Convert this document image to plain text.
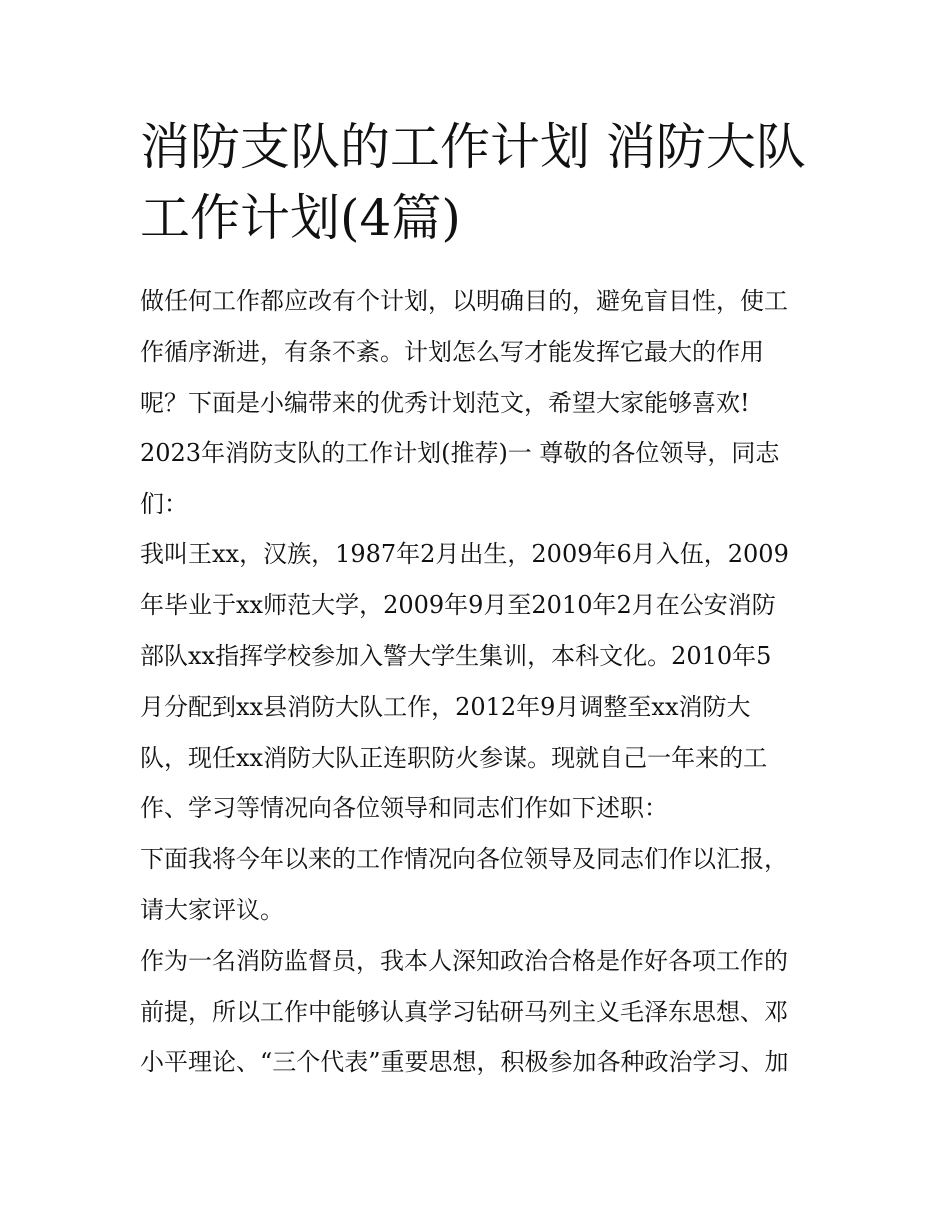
消防支队的工作计划 消防大队
工作计划(4篇)

做任何工作都应改有个计划，以明确目的，避免盲目性，使工

作循序渐进，有条不紊。计划怎么写才能发挥它最大的作用

呢？下面是小编带来的优秀计划范文，希望大家能够喜欢!

2023年消防支队的工作计划(推荐)一 尊敬的各位领导，同志

们：

我叫王xx，汉族，1987年2月出生，2009年6月入伍，2009

年毕业于xx师范大学，2009年9月至2010年2月在公安消防

部队xx指挥学校参加入警大学生集训，本科文化。2010年5

月分配到xx县消防大队工作，2012年9月调整至xx消防大

队，现任xx消防大队正连职防火参谋。现就自己一年来的工

作、学习等情况向各位领导和同志们作如下述职：

下面我将今年以来的工作情况向各位领导及同志们作以汇报，

请大家评议。

作为一名消防监督员，我本人深知政治合格是作好各项工作的

前提，所以工作中能够认真学习钻研马列主义毛泽东思想、邓

小平理论、“三个代表”重要思想，积极参加各种政治学习、加
